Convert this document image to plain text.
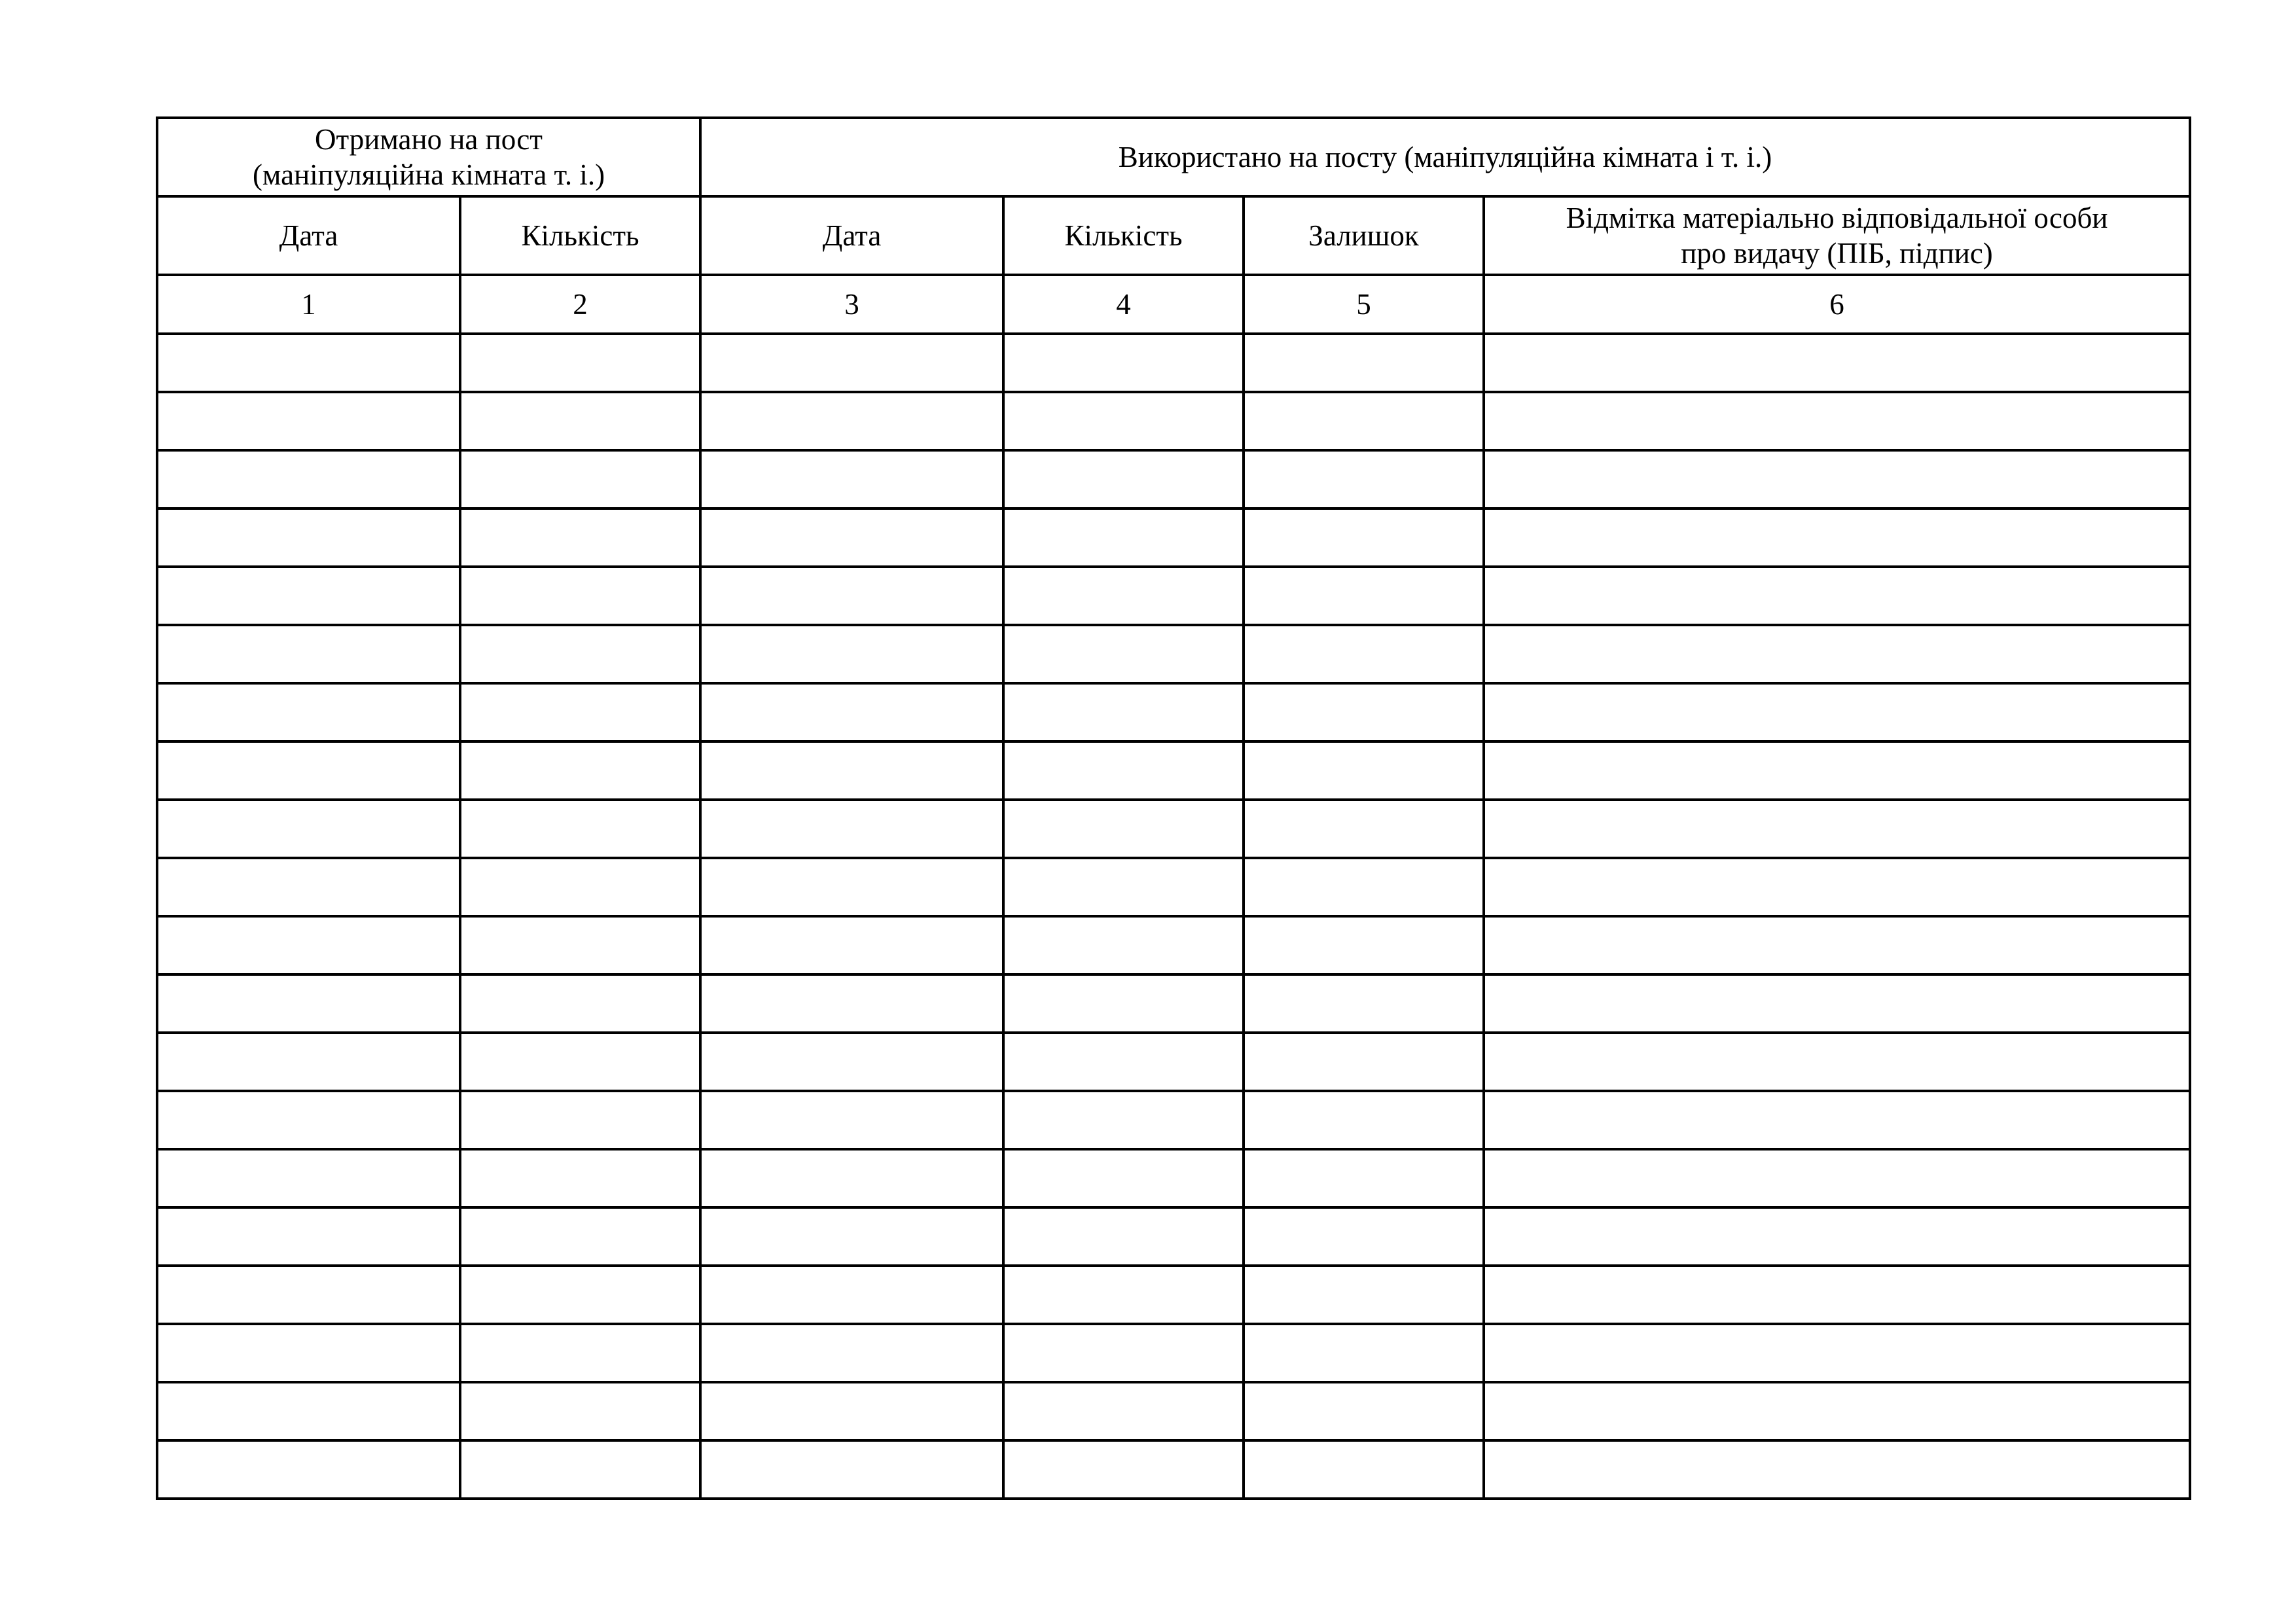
Отримано на пост
(маніпуляційна кімната т. і.)		Використано на посту (маніпуляційна кімната і т. і.)			
Дата	Кількість	Дата	Кількість	Залишок	Відмітка матеріально відповідальної особи
про видачу (ПІБ, підпис)

1	2	3	4	5	6
